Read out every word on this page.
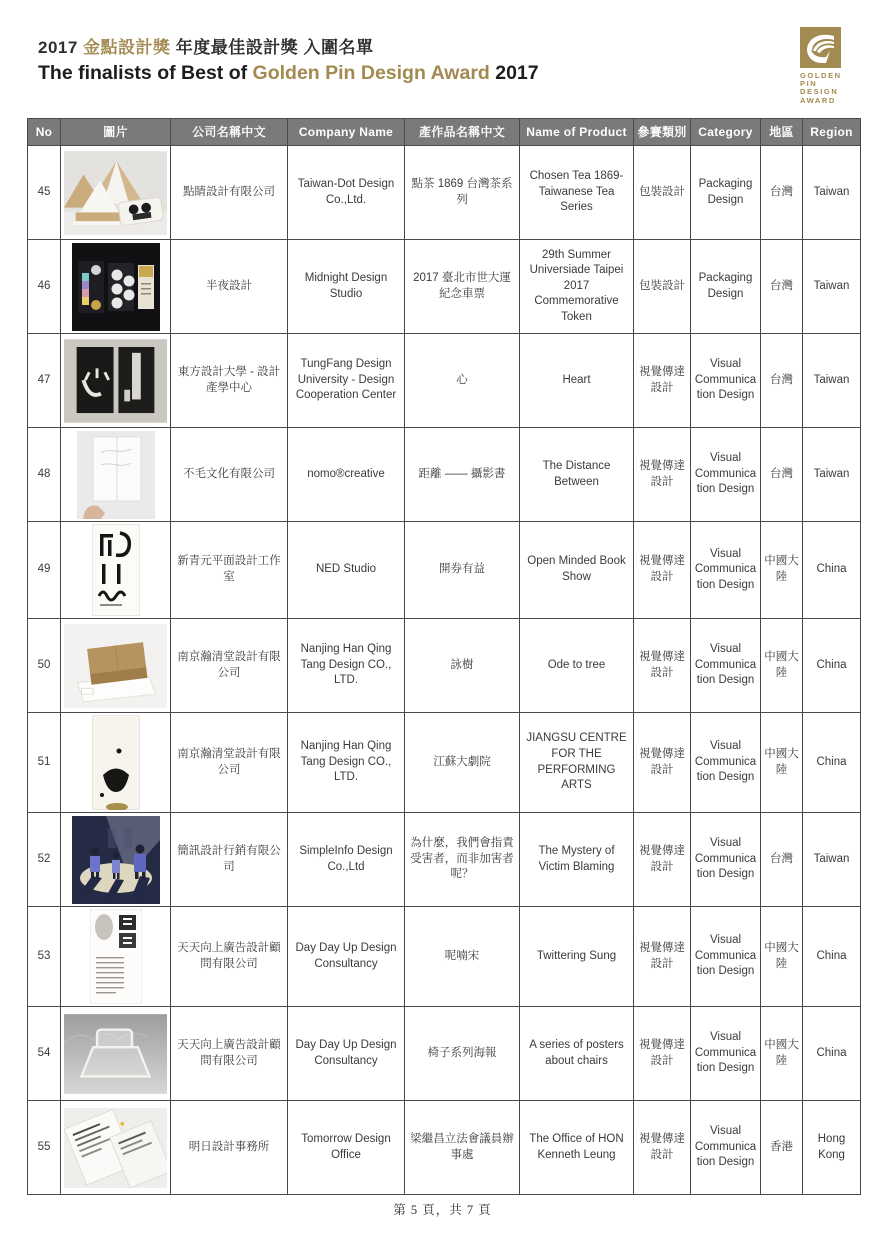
2017 金點設計獎 年度最佳設計獎 入圍名單
The finalists of Best of Golden Pin Design Award 2017	GOLDEN
PIN
DESIGN
AWARD
No	圖片	公司名稱中文	Company Name	產作品名稱中文	Name of Product	參賽類別	Category	地區	Region
45		點睛設計有限公司	Taiwan-Dot Design Co.,Ltd.	點茶 1869 台灣茶系列	Chosen Tea 1869-Taiwanese Tea Series	包裝設計	Packaging Design	台灣	Taiwan
46		半夜設計	Midnight Design Studio	2017 臺北市世大運紀念車票	29th Summer Universiade Taipei 2017 Commemorative Token	包裝設計	Packaging Design	台灣	Taiwan
47		東方設計大學 - 設計產學中心	TungFang Design University - Design Cooperation Center	心	Heart	視覺傳達設計	Visual Communication Design	台灣	Taiwan
48		不毛文化有限公司	nomo®creative	距離 —— 攝影書	The Distance Between	視覺傳達設計	Visual Communication Design	台灣	Taiwan
49		新青元平面設計工作室	NED Studio	開券有益	Open Minded Book Show	視覺傳達設計	Visual Communication Design	中國大陸	China
50		南京瀚清堂設計有限公司	Nanjing Han Qing Tang Design CO., LTD.	詠樹	Ode to tree	視覺傳達設計	Visual Communication Design	中國大陸	China
51		南京瀚清堂設計有限公司	Nanjing Han Qing Tang Design CO., LTD.	江蘇大劇院	JIANGSU CENTRE FOR THE PERFORMING ARTS	視覺傳達設計	Visual Communication Design	中國大陸	China
52		簡訊設計行銷有限公司	SimpleInfo Design Co.,Ltd	為什麼，我們會指責受害者，而非加害者呢？	The Mystery of Victim Blaming	視覺傳達設計	Visual Communication Design	台灣	Taiwan
53		天天向上廣告設計顧問有限公司	Day Day Up Design Consultancy	呢喃宋	Twittering Sung	視覺傳達設計	Visual Communication Design	中國大陸	China
54		天天向上廣告設計顧問有限公司	Day Day Up Design Consultancy	椅子系列海報	A series of posters about chairs	視覺傳達設計	Visual Communication Design	中國大陸	China
55		明日設計事務所	Tomorrow Design Office	梁繼昌立法會議員辦事處	The Office of HON Kenneth Leung	視覺傳達設計	Visual Communication Design	香港	Hong Kong
第 5 頁，共 7 頁
